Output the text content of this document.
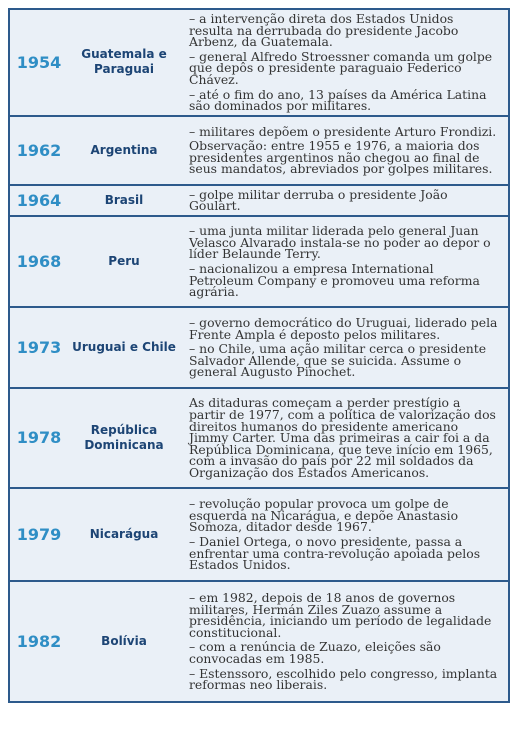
1954	Guatemala e Paraguai	– a intervenção direta dos Estados Unidos resulta na derrubada do presidente Jacobo Arbenz, da Guatemala.

– general Alfredo Stroessner comanda um golpe que depôs o presidente paraguaio Federico Chávez.

– até o fim do ano, 13 países da América Latina são dominados por militares.

1962	Argentina	– militares depõem o presidente Arturo Frondizi.

Observação: entre 1955 e 1976, a maioria dos presidentes argentinos não chegou ao final de seus mandatos, abreviados por golpes militares.

1964	Brasil	– golpe militar derruba o presidente João Goulart.

1968	Peru	– uma junta militar liderada pelo general Juan Velasco Alvarado instala-se no poder ao depor o líder Belaunde Terry.

– nacionalizou a empresa International Petroleum Company e promoveu uma reforma agrária.

1973	Uruguai e Chile	– governo democrático do Uruguai, liderado pela Frente Ampla é deposto pelos militares.

– no Chile, uma ação militar cerca o presidente Salvador Allende, que se suicida. Assume o general Augusto Pinochet.

1978	República Dominicana	As ditaduras começam a perder prestígio a partir de 1977, com a política de valorização dos direitos humanos do presidente americano Jimmy Carter. Uma das primeiras a cair foi a da República Dominicana, que teve início em 1965, com a invasão do país por 22 mil soldados da Organização dos Estados Americanos.

1979	Nicarágua	– revolução popular provoca um golpe de esquerda na Nicarágua, e depõe Anastasio Somoza, ditador desde 1967.

– Daniel Ortega, o novo presidente, passa a enfrentar uma contra-revolução apoiada pelos Estados Unidos.

1982	Bolívia	– em 1982, depois de 18 anos de governos militares, Hermán Ziles Zuazo assume a presidência, iniciando um período de legalidade constitucional.

– com a renúncia de Zuazo, eleições são convocadas em 1985.

– Estenssoro, escolhido pelo congresso, implanta reformas neo liberais.
